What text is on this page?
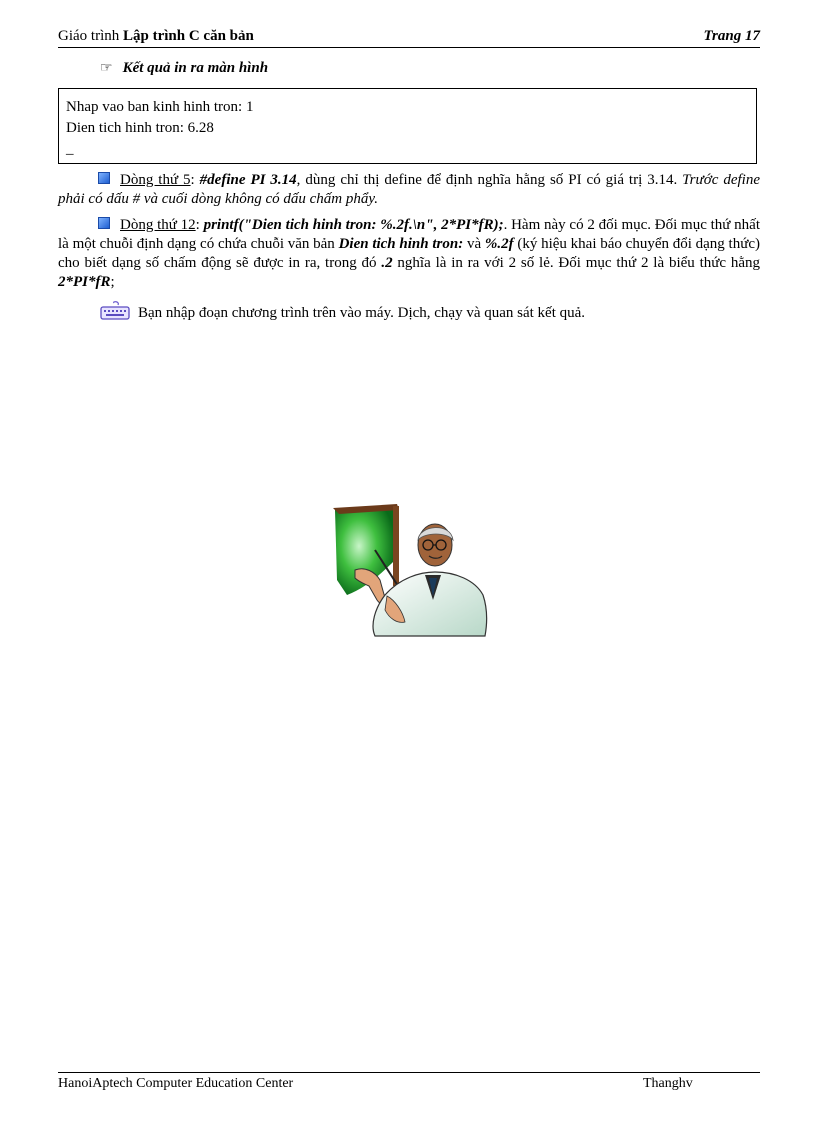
Giáo trình Lập trình C căn bản	Trang 17
☞ Kết quả in ra màn hình
Nhap vao ban kinh hinh tron: 1
Dien tich hinh tron: 6.28
_
Dòng thứ 5: #define PI 3.14, dùng chỉ thị define để định nghĩa hằng số PI có giá trị 3.14. Trước define phải có dấu # và cuối dòng không có dấu chấm phẩy.
Dòng thứ 12: printf("Dien tich hinh tron: %.2f.\n", 2*PI*fR);. Hàm này có 2 đối mục. Đối mục thứ nhất là một chuỗi định dạng có chứa chuỗi văn bản Dien tich hinh tron: và %.2f (ký hiệu khai báo chuyển đổi dạng thức) cho biết dạng số chấm động sẽ được in ra, trong đó .2 nghĩa là in ra với 2 số lẻ. Đối mục thứ 2 là biểu thức hằng 2*PI*fR;
Bạn nhập đoạn chương trình trên vào máy. Dịch, chạy và quan sát kết quả.
HanoiAptech Computer Education Center	Thanghv
